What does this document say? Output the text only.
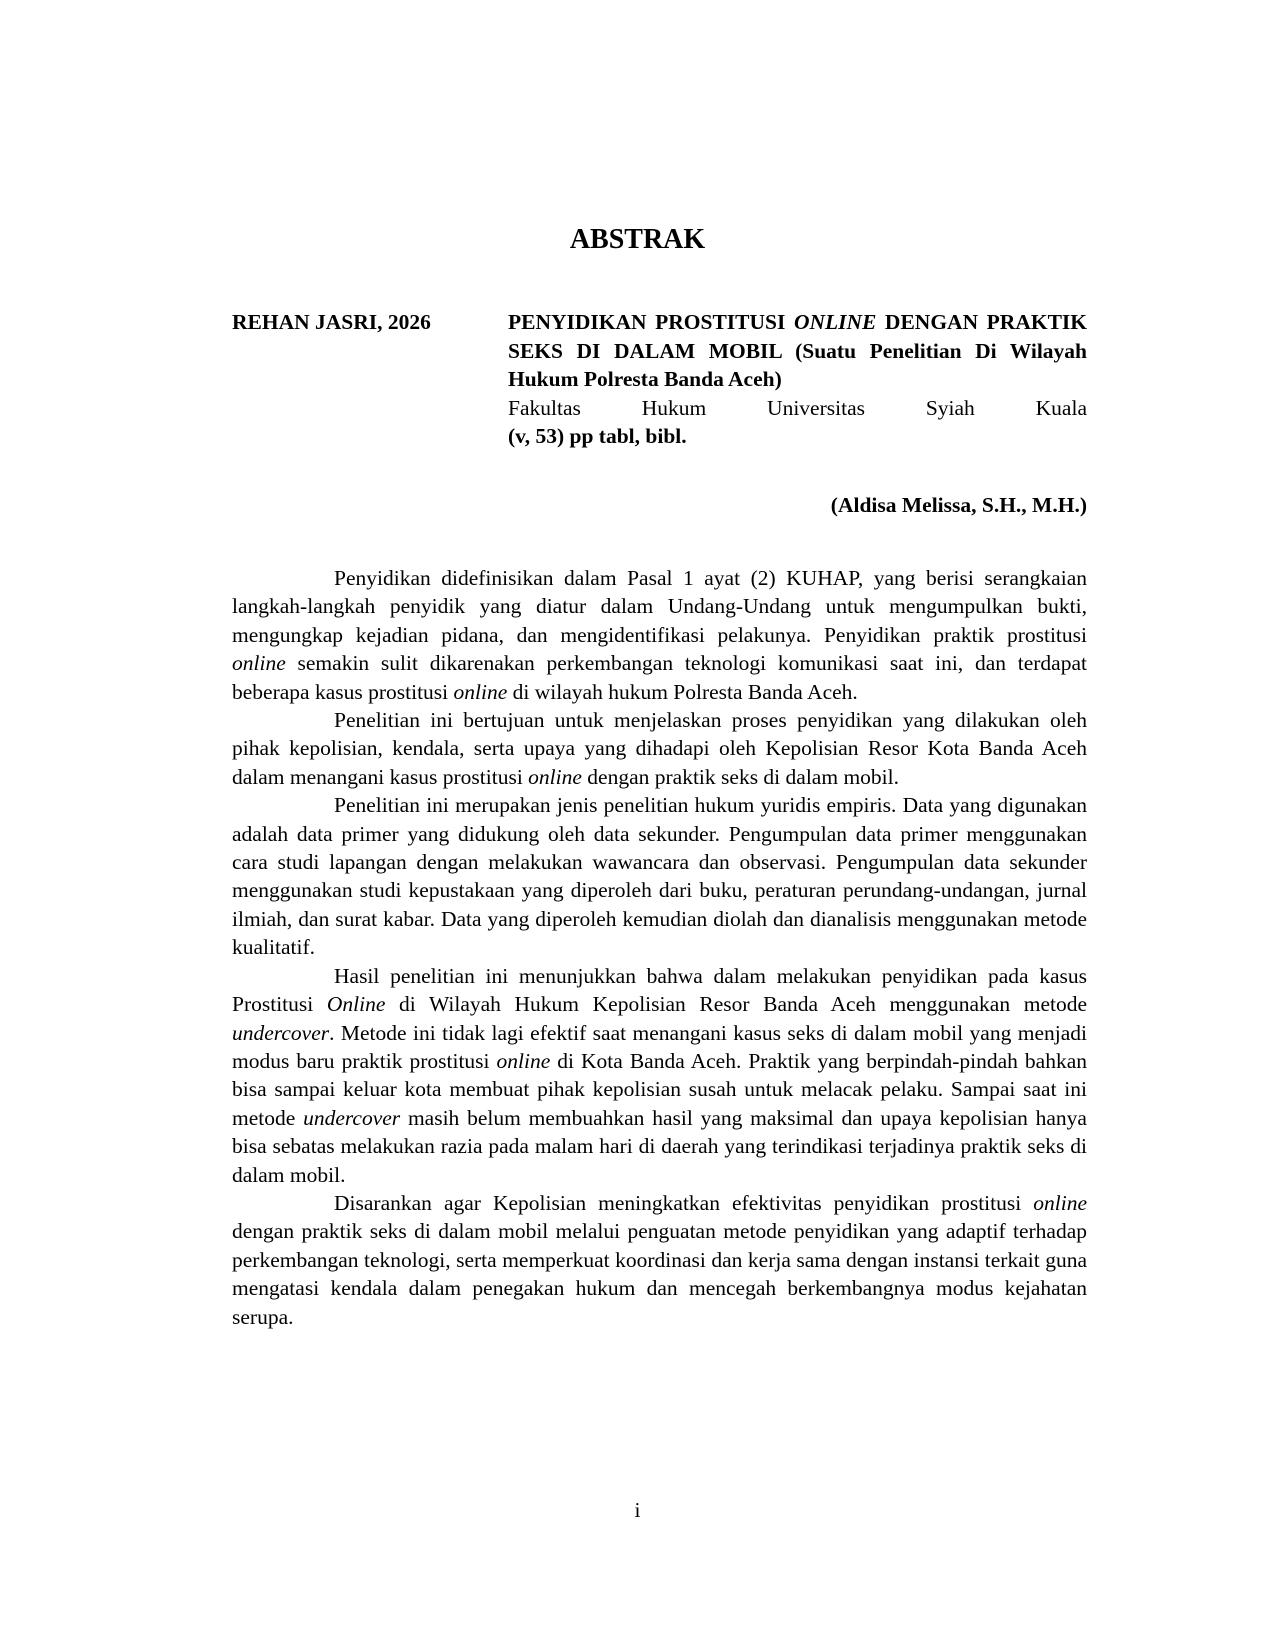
ABSTRAK
REHAN JASRI, 2026	PENYIDIKAN PROSTITUSI ONLINE DENGAN PRAKTIK SEKS DI DALAM MOBIL (Suatu Penelitian Di Wilayah Hukum Polresta Banda Aceh)

Fakultas	Hukum	Universitas	Syiah	Kuala

(v, 53) pp tabl, bibl.

(Aldisa Melissa, S.H., M.H.)

Penyidikan didefinisikan dalam Pasal 1 ayat (2) KUHAP, yang berisi serangkaian langkah-langkah penyidik yang diatur dalam Undang-Undang untuk mengumpulkan bukti, mengungkap kejadian pidana, dan mengidentifikasi pelakunya. Penyidikan praktik prostitusi online semakin sulit dikarenakan perkembangan teknologi komunikasi saat ini, dan terdapat beberapa kasus prostitusi online di wilayah hukum Polresta Banda Aceh.

Penelitian ini bertujuan untuk menjelaskan proses penyidikan yang dilakukan oleh pihak kepolisian, kendala, serta upaya yang dihadapi oleh Kepolisian Resor Kota Banda Aceh dalam menangani kasus prostitusi online dengan praktik seks di dalam mobil.

Penelitian ini merupakan jenis penelitian hukum yuridis empiris. Data yang digunakan adalah data primer yang didukung oleh data sekunder. Pengumpulan data primer menggunakan cara studi lapangan dengan melakukan wawancara dan observasi. Pengumpulan data sekunder menggunakan studi kepustakaan yang diperoleh dari buku, peraturan perundang-undangan, jurnal ilmiah, dan surat kabar. Data yang diperoleh kemudian diolah dan dianalisis menggunakan metode kualitatif.

Hasil penelitian ini menunjukkan bahwa dalam melakukan penyidikan pada kasus Prostitusi Online di Wilayah Hukum Kepolisian Resor Banda Aceh menggunakan metode undercover. Metode ini tidak lagi efektif saat menangani kasus seks di dalam mobil yang menjadi modus baru praktik prostitusi online di Kota Banda Aceh. Praktik yang berpindah-pindah bahkan bisa sampai keluar kota membuat pihak kepolisian susah untuk melacak pelaku. Sampai saat ini metode undercover masih belum membuahkan hasil yang maksimal dan upaya kepolisian hanya bisa sebatas melakukan razia pada malam hari di daerah yang terindikasi terjadinya praktik seks di dalam mobil.

Disarankan agar Kepolisian meningkatkan efektivitas penyidikan prostitusi online dengan praktik seks di dalam mobil melalui penguatan metode penyidikan yang adaptif terhadap perkembangan teknologi, serta memperkuat koordinasi dan kerja sama dengan instansi terkait guna mengatasi kendala dalam penegakan hukum dan mencegah berkembangnya modus kejahatan serupa.

i
